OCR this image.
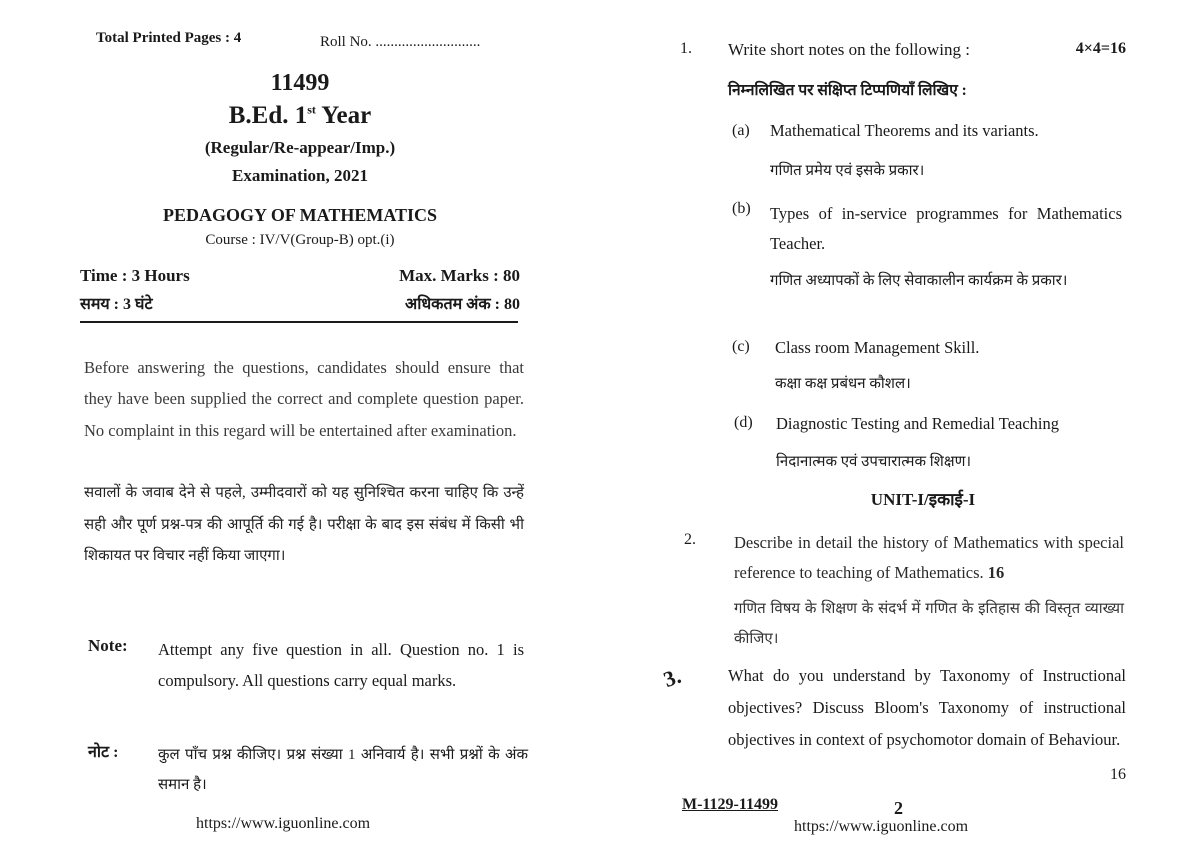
Total Printed Pages : 4	Roll No. ............................
11499
B.Ed. 1st Year
(Regular/Re-appear/Imp.)
Examination, 2021
PEDAGOGY OF MATHEMATICS
Course : IV/V(Group-B) opt.(i)
Time : 3 Hours
समय : 3 घंटे
Max. Marks : 80
अधिकतम अंक : 80
Before answering the questions, candidates should ensure that they have been supplied the correct and complete question paper. No complaint in this regard will be entertained after examination.
सवालों के जवाब देने से पहले, उम्मीदवारों को यह सुनिश्चित करना चाहिए कि उन्हें सही और पूर्ण प्रश्न-पत्र की आपूर्ति की गई है। परीक्षा के बाद इस संबंध में किसी भी शिकायत पर विचार नहीं किया जाएगा।
Note: Attempt any five question in all. Question no. 1 is compulsory. All questions carry equal marks.
नोट :	कुल पाँच प्रश्न कीजिए। प्रश्न संख्या 1 अनिवार्य है। सभी प्रश्नों के अंक समान है।
https://www.iguonline.com
1. Write short notes on the following :	4×4=16
निम्नलिखित पर संक्षिप्त टिप्पणियाँ लिखिए :
(a) Mathematical Theorems and its variants.
गणित प्रमेय एवं इसके प्रकार।
(b) Types of in-service programmes for Mathematics Teacher.
गणित अध्यापकों के लिए सेवाकालीन कार्यक्रम के प्रकार।
(c) Class room Management Skill.
कक्षा कक्ष प्रबंधन कौशल।
(d) Diagnostic Testing and Remedial Teaching
निदानात्मक एवं उपचारात्मक शिक्षण।
UNIT-I/इकाई-I
2. Describe in detail the history of Mathematics with special reference to teaching of Mathematics. 16
गणित विषय के शिक्षण के संदर्भ में गणित के इतिहास की विस्तृत व्याख्या कीजिए।
3.	What do you understand by Taxonomy of Instructional objectives? Discuss Bloom's Taxonomy of instructional objectives in context of psychomotor domain of Behaviour.
16
M-1129-11499	2
https://www.iguonline.com
